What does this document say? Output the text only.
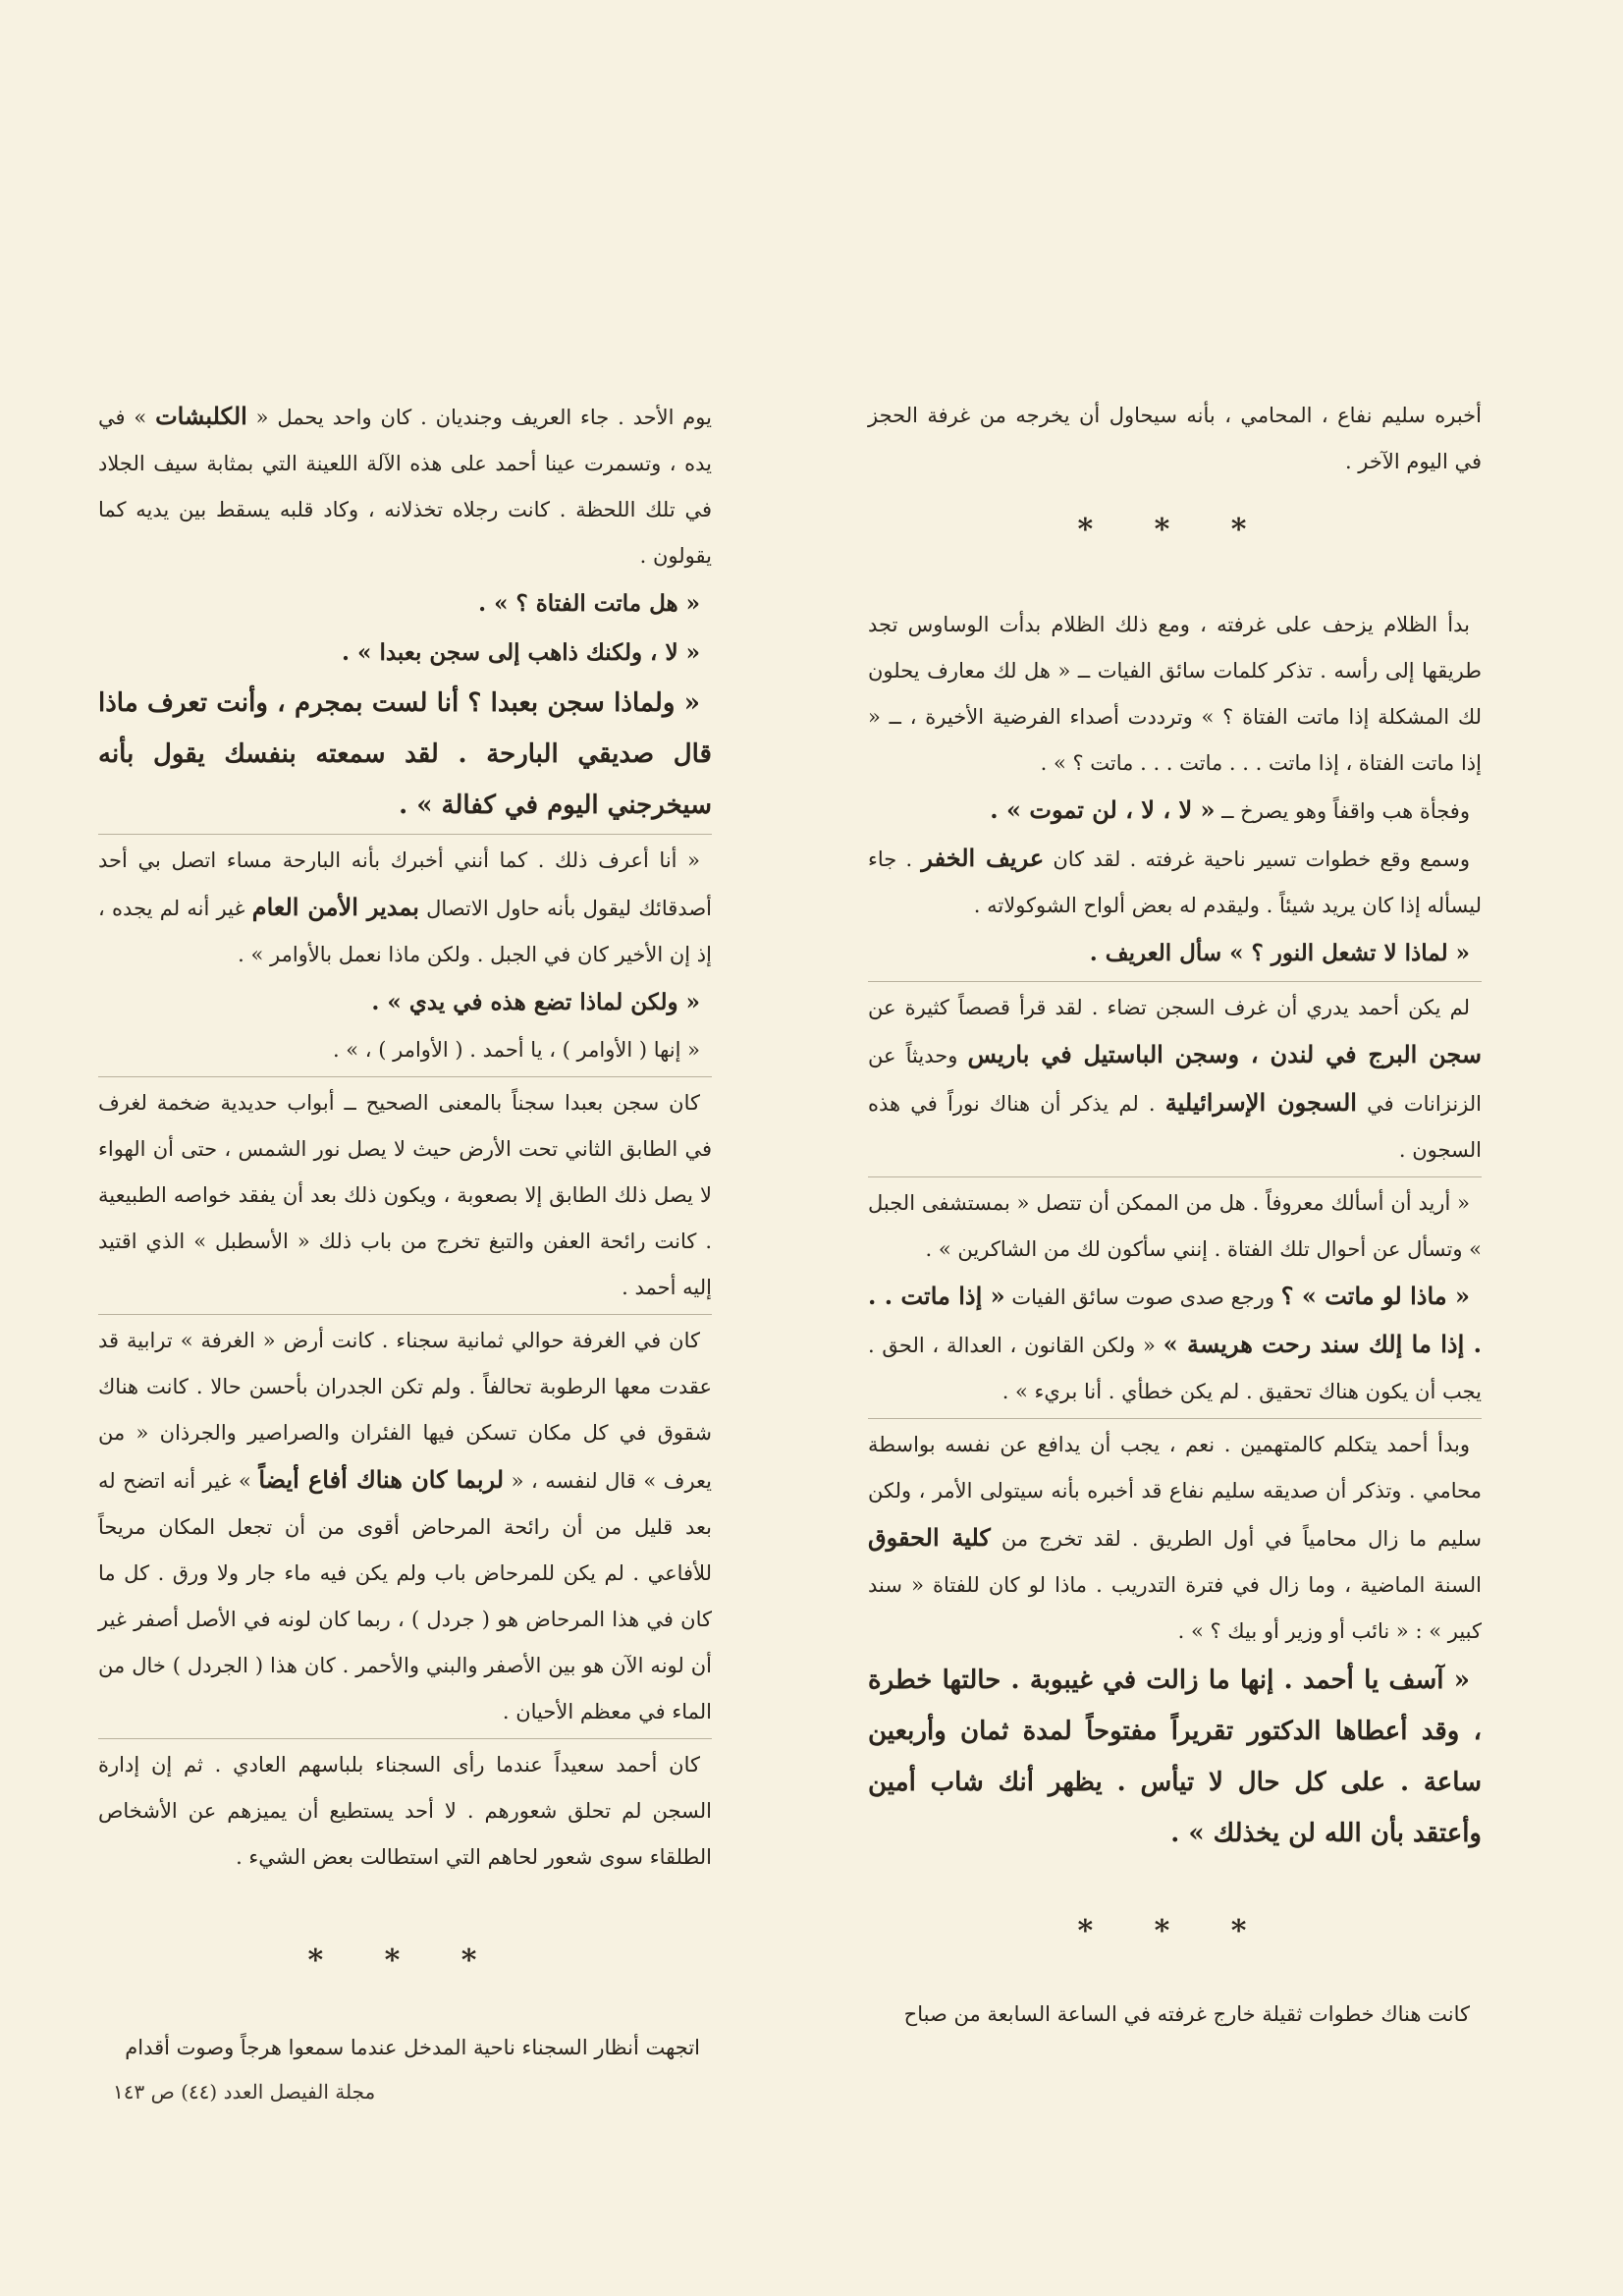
أخبره سليم نفاع ، المحامي ، بأنه سيحاول أن يخرجه من غرفة الحجز في اليوم الآخر .

* * *

بدأ الظلام يزحف على غرفته ، ومع ذلك الظلام بدأت الوساوس تجد طريقها إلى رأسه . تذكر كلمات سائق الفيات ــ « هل لك معارف يحلون لك المشكلة إذا ماتت الفتاة ؟ » وترددت أصداء الفرضية الأخيرة ، ــ « إذا ماتت الفتاة ، إذا ماتت . . . ماتت . . . ماتت ؟ » .

وفجأة هب واقفاً وهو يصرخ ــ « لا ، لا ، لن تموت » .

وسمع وقع خطوات تسير ناحية غرفته . لقد كان عريف الخفر . جاء ليسأله إذا كان يريد شيئاً . وليقدم له بعض ألواح الشوكولاته .

« لماذا لا تشعل النور ؟ » سأل العريف .

لم يكن أحمد يدري أن غرف السجن تضاء . لقد قرأ قصصاً كثيرة عن سجن البرج في لندن ، وسجن الباستيل في باريس وحديثاً عن الزنزانات في السجون الإسرائيلية . لم يذكر أن هناك نوراً في هذه السجون .

« أريد أن أسألك معروفاً . هل من الممكن أن تتصل « بمستشفى الجبل » وتسأل عن أحوال تلك الفتاة . إنني سأكون لك من الشاكرين » .

« ماذا لو ماتت » ؟ ورجع صدى صوت سائق الفيات « إذا ماتت . . . إذا ما إلك سند رحت هريسة » « ولكن القانون ، العدالة ، الحق . يجب أن يكون هناك تحقيق . لم يكن خطأي . أنا بريء » .

وبدأ أحمد يتكلم كالمتهمين . نعم ، يجب أن يدافع عن نفسه بواسطة محامي . وتذكر أن صديقه سليم نفاع قد أخبره بأنه سيتولى الأمر ، ولكن سليم ما زال محامياً في أول الطريق . لقد تخرج من كلية الحقوق السنة الماضية ، وما زال في فترة التدريب . ماذا لو كان للفتاة « سند كبير » : « نائب أو وزير أو بيك ؟ » .

« آسف يا أحمد . إنها ما زالت في غيبوبة . حالتها خطرة ، وقد أعطاها الدكتور تقريراً مفتوحاً لمدة ثمان وأربعين ساعة . على كل حال لا تيأس . يظهر أنك شاب أمين وأعتقد بأن الله لن يخذلك » .

* * *

كانت هناك خطوات ثقيلة خارج غرفته في الساعة السابعة من صباح

يوم الأحد . جاء العريف وجنديان . كان واحد يحمل « الكلبشات » في يده ، وتسمرت عينا أحمد على هذه الآلة اللعينة التي بمثابة سيف الجلاد في تلك اللحظة . كانت رجلاه تخذلانه ، وكاد قلبه يسقط بين يديه كما يقولون .

« هل ماتت الفتاة ؟ » .

« لا ، ولكنك ذاهب إلى سجن بعبدا » .

« ولماذا سجن بعبدا ؟ أنا لست بمجرم ، وأنت تعرف ماذا قال صديقي البارحة . لقد سمعته بنفسك يقول بأنه سيخرجني اليوم في كفالة » .

« أنا أعرف ذلك . كما أنني أخبرك بأنه البارحة مساء اتصل بي أحد أصدقائك ليقول بأنه حاول الاتصال بمدير الأمن العام غير أنه لم يجده ، إذ إن الأخير كان في الجبل . ولكن ماذا نعمل بالأوامر » .

« ولكن لماذا تضع هذه في يدي » .

« إنها ( الأوامر ) ، يا أحمد . ( الأوامر ) ، » .

كان سجن بعبدا سجناً بالمعنى الصحيح ــ أبواب حديدية ضخمة لغرف في الطابق الثاني تحت الأرض حيث لا يصل نور الشمس ، حتى أن الهواء لا يصل ذلك الطابق إلا بصعوبة ، ويكون ذلك بعد أن يفقد خواصه الطبيعية . كانت رائحة العفن والتبغ تخرج من باب ذلك « الأسطبل » الذي اقتيد إليه أحمد .

كان في الغرفة حوالي ثمانية سجناء . كانت أرض « الغرفة » ترابية قد عقدت معها الرطوبة تحالفاً . ولم تكن الجدران بأحسن حالا . كانت هناك شقوق في كل مكان تسكن فيها الفئران والصراصير والجرذان « من يعرف » قال لنفسه ، « لربما كان هناك أفاع أيضاً » غير أنه اتضح له بعد قليل من أن رائحة المرحاض أقوى من أن تجعل المكان مريحاً للأفاعي . لم يكن للمرحاض باب ولم يكن فيه ماء جار ولا ورق . كل ما كان في هذا المرحاض هو ( جردل ) ، ربما كان لونه في الأصل أصفر غير أن لونه الآن هو بين الأصفر والبني والأحمر . كان هذا ( الجردل ) خال من الماء في معظم الأحيان .

كان أحمد سعيداً عندما رأى السجناء بلباسهم العادي . ثم إن إدارة السجن لم تحلق شعورهم . لا أحد يستطيع أن يميزهم عن الأشخاص الطلقاء سوى شعور لحاهم التي استطالت بعض الشيء .

* * *

اتجهت أنظار السجناء ناحية المدخل عندما سمعوا هرجاً وصوت أقدام

مجلة الفيصل العدد (٤٤) ص ١٤٣
